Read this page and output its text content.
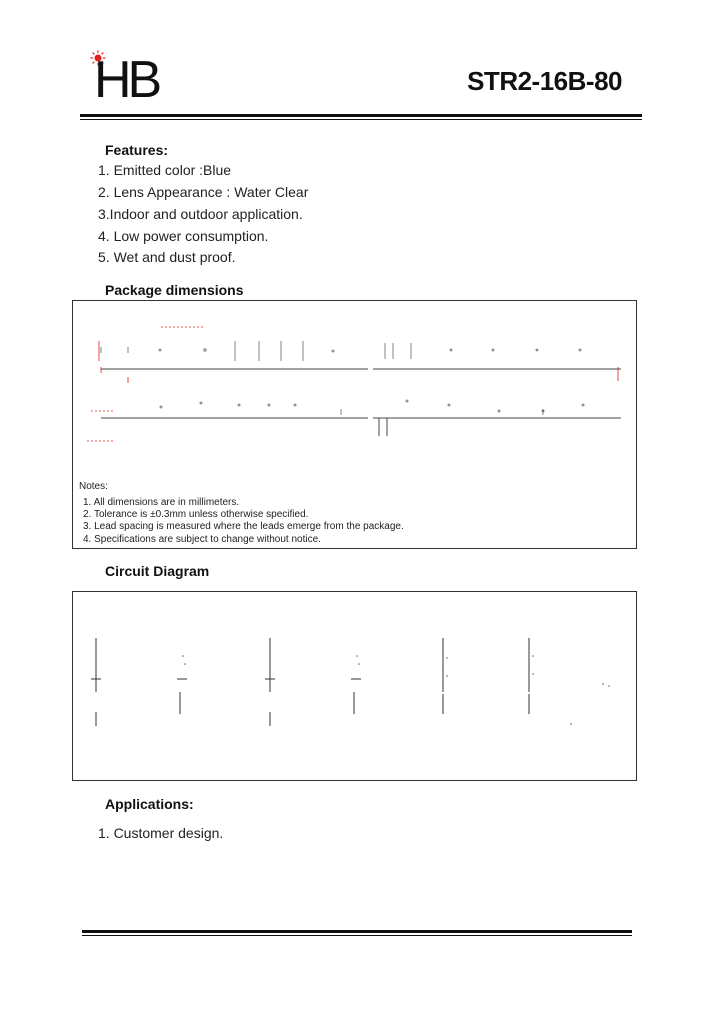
HB	STR2-16B-80
Features:
1. Emitted color :Blue
2. Lens Appearance : Water Clear
3.Indoor and outdoor application.
4. Low power consumption.
5. Wet and dust proof.
Package dimensions
Notes:
1. All dimensions are in millimeters.
2. Tolerance is ±0.3mm unless otherwise specified.
3. Lead spacing is measured where the leads emerge from the package.
4. Specifications are subject to change without notice.
Circuit Diagram
Applications:
1. Customer design.
